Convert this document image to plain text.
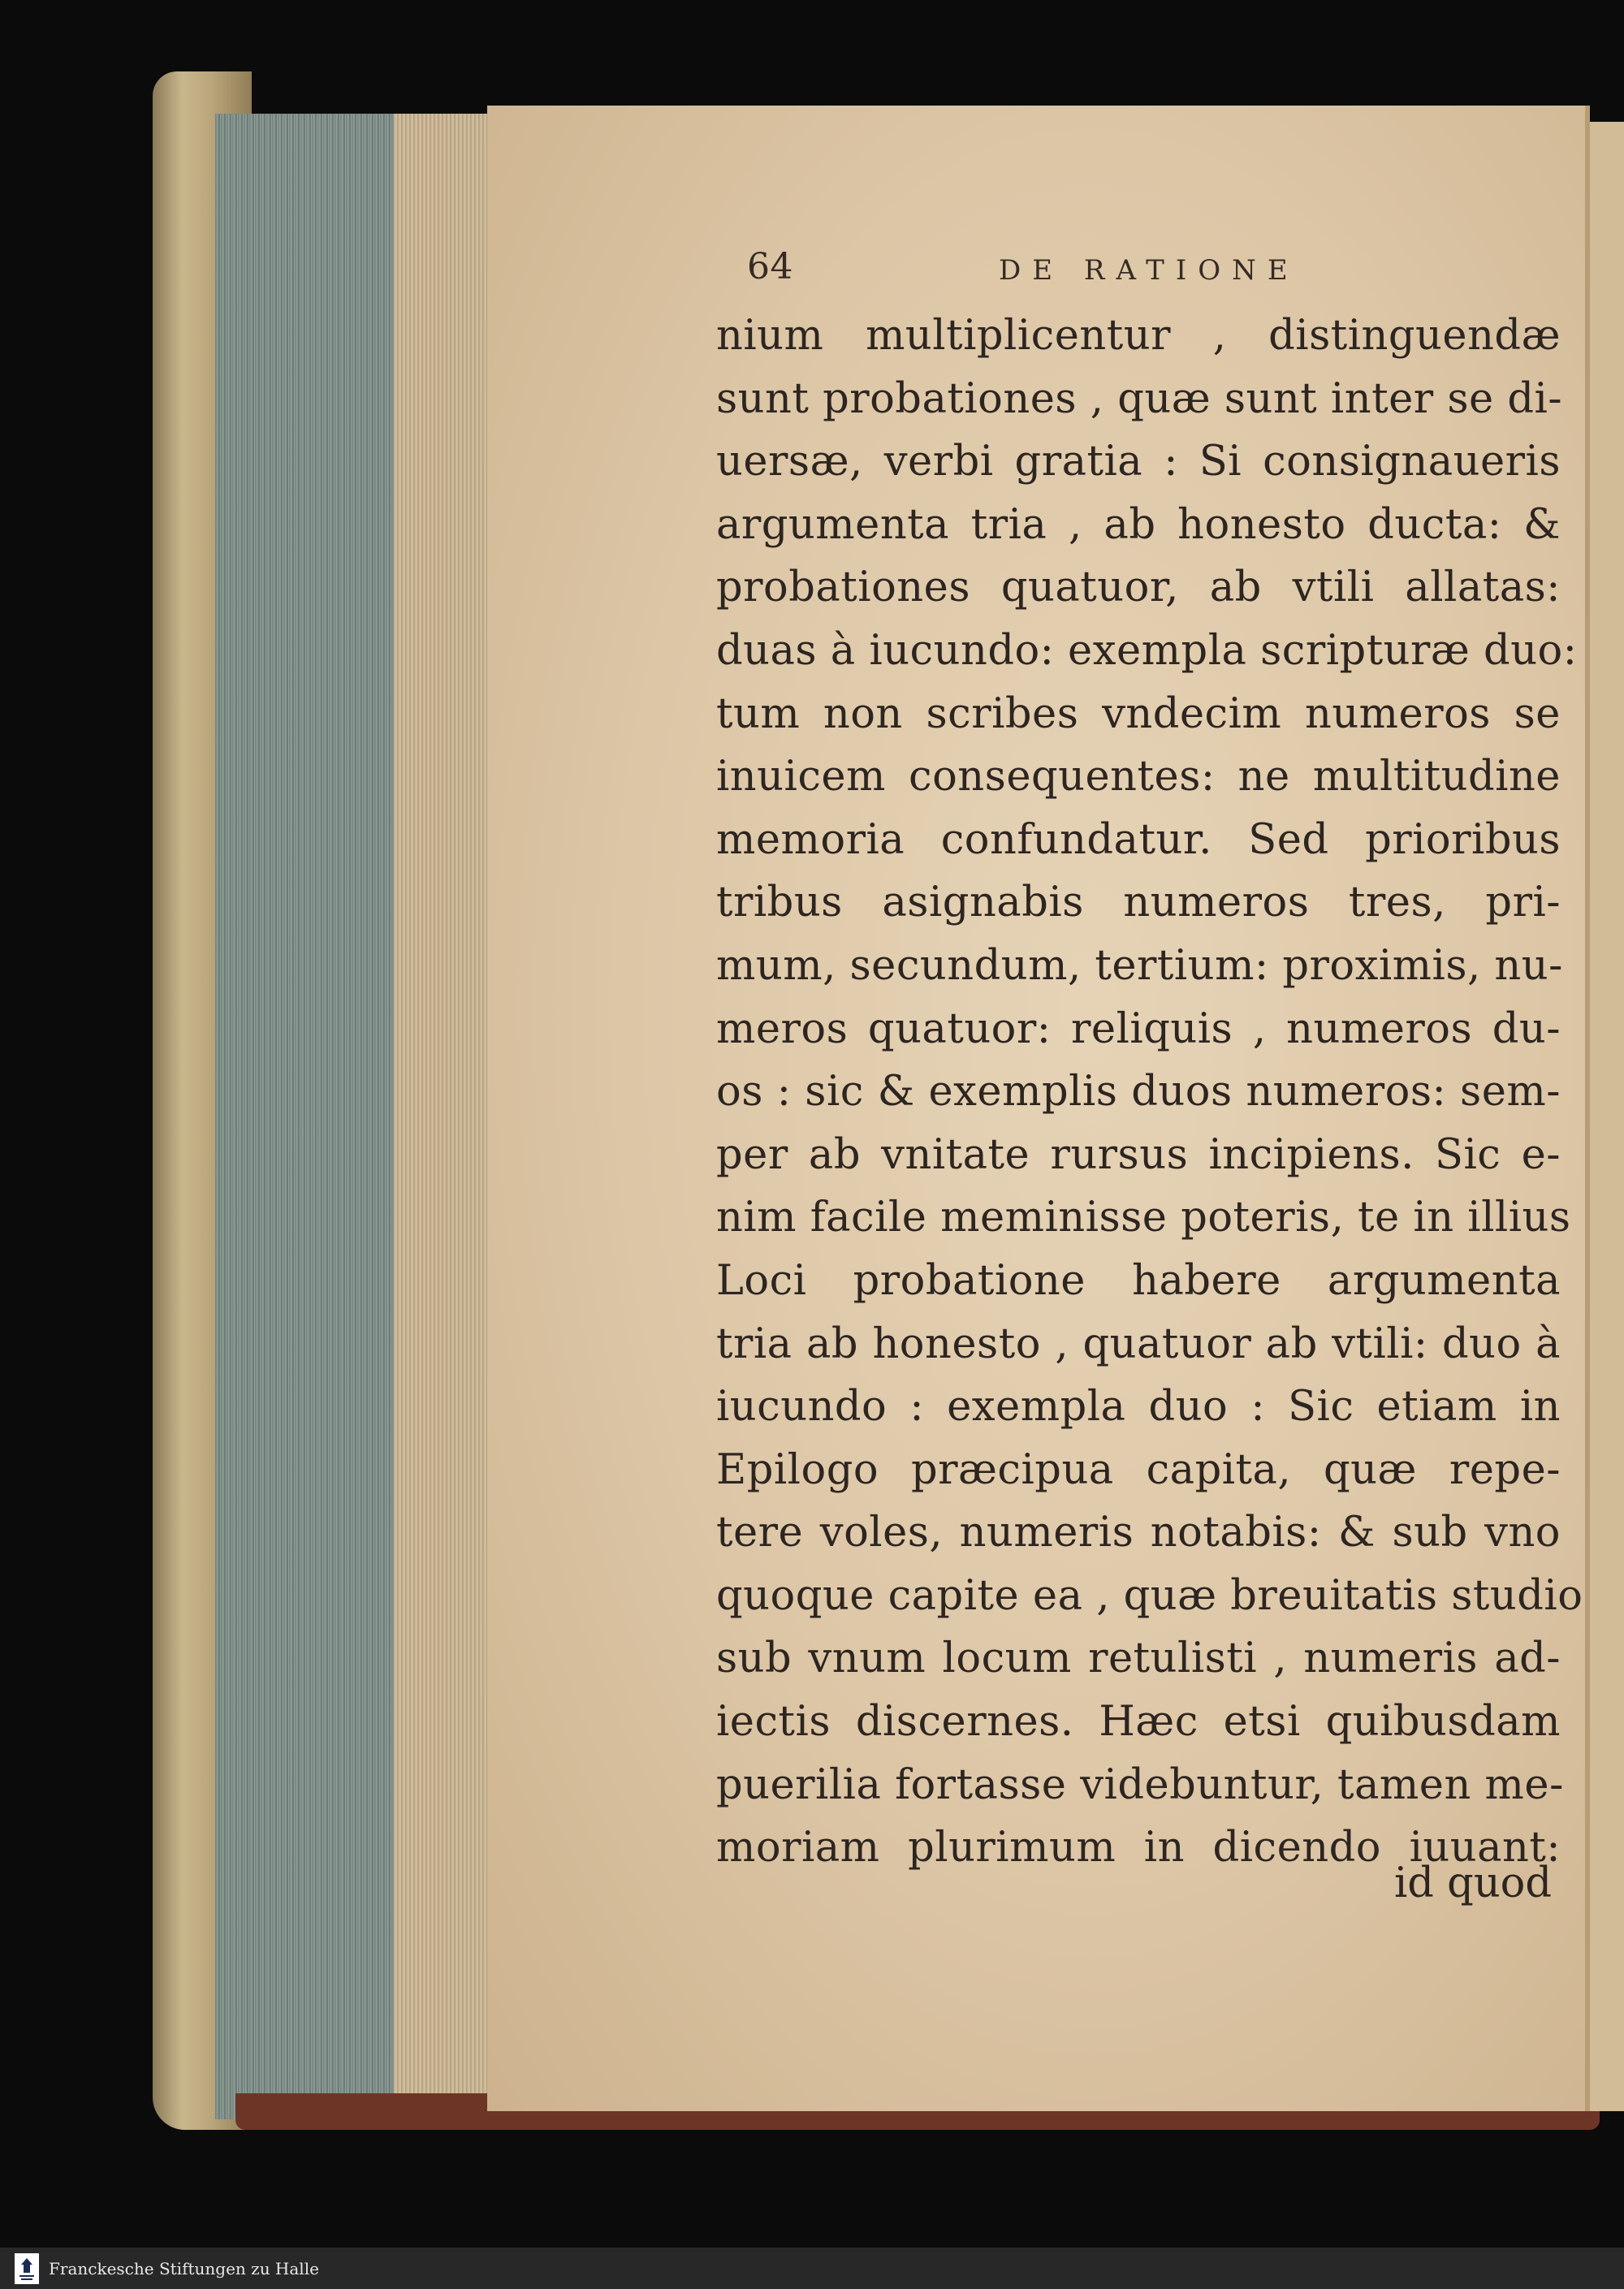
64	DE RATIONE
nium multiplicentur , distinguendæ
sunt probationes , quæ sunt inter se di-
uersæ, verbi gratia : Si consignaueris
argumenta tria , ab honesto ducta: &
probationes quatuor, ab vtili allatas:
duas à iucundo: exempla scripturæ duo:
tum non scribes vndecim numeros se
inuicem consequentes: ne multitudine
memoria confundatur. Sed prioribus
tribus asignabis numeros tres, pri-
mum, secundum, tertium: proximis, nu-
meros quatuor: reliquis , numeros du-
os : sic & exemplis duos numeros: sem-
per ab vnitate rursus incipiens. Sic e-
nim facile meminisse poteris, te in illius
Loci probatione habere argumenta
tria ab honesto , quatuor ab vtili: duo à
iucundo : exempla duo : Sic etiam in
Epilogo præcipua capita, quæ repe-
tere voles, numeris notabis: & sub vno
quoque capite ea , quæ breuitatis studio
sub vnum locum retulisti , numeris ad-
iectis discernes. Hæc etsi quibusdam
puerilia fortasse videbuntur, tamen me-
moriam plurimum in dicendo iuuant:
id quod
Franckesche Stiftungen zu Halle
